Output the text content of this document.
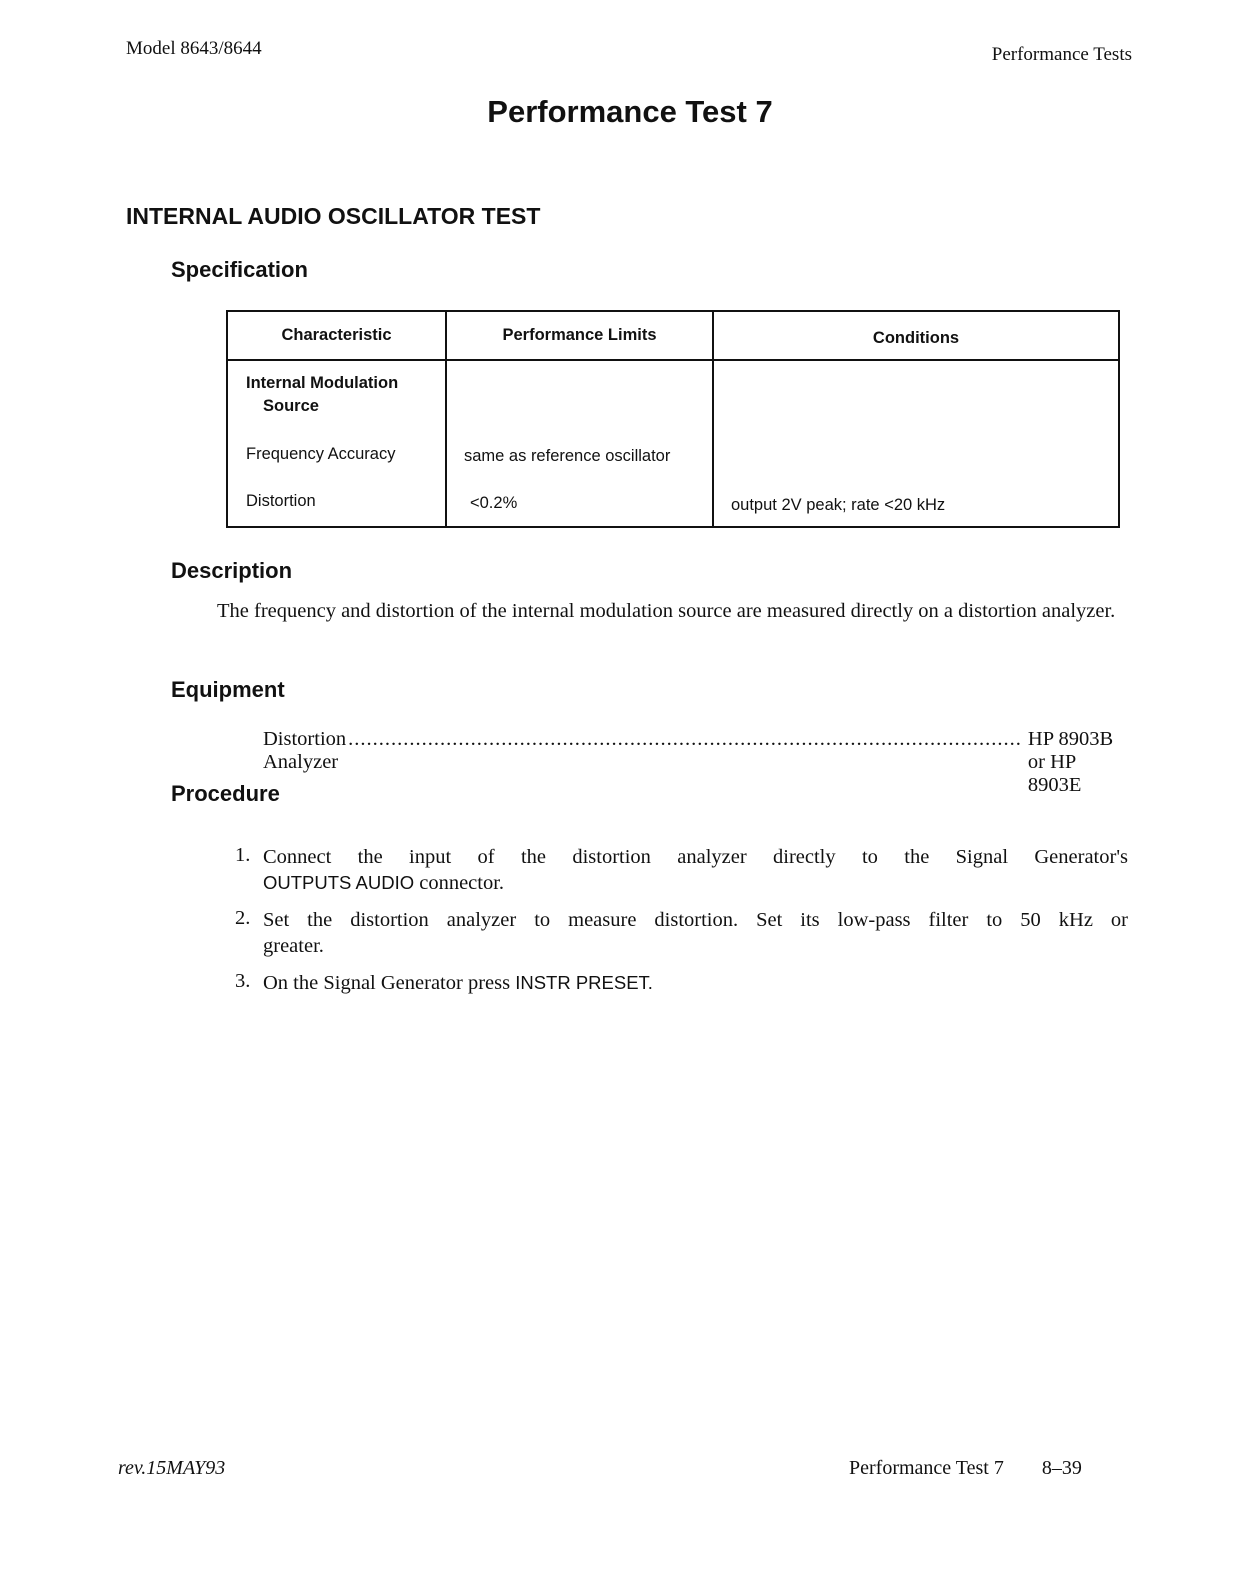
Model 8643/8644	Performance Tests
Performance Test 7
INTERNAL AUDIO OSCILLATOR TEST
Specification
Characteristic	Performance Limits	Conditions
Internal Modulation
Source
Frequency Accuracy	same as reference oscillator
Distortion	<0.2%	output 2V peak; rate <20 kHz
Description
The frequency and distortion of the internal modulation source are measured directly on a distortion analyzer.
Equipment
Distortion Analyzer
.............................................................................................................. HP 8903B or HP 8903E
Procedure
1. Connect the input of the distortion analyzer directly to the Signal Generator's
OUTPUTS AUDIO connector.
2. Set the distortion analyzer to measure distortion. Set its low-pass filter to 50 kHz or
greater.
3. On the Signal Generator press INSTR PRESET.
rev.15MAY93	Performance Test 7 8–39
